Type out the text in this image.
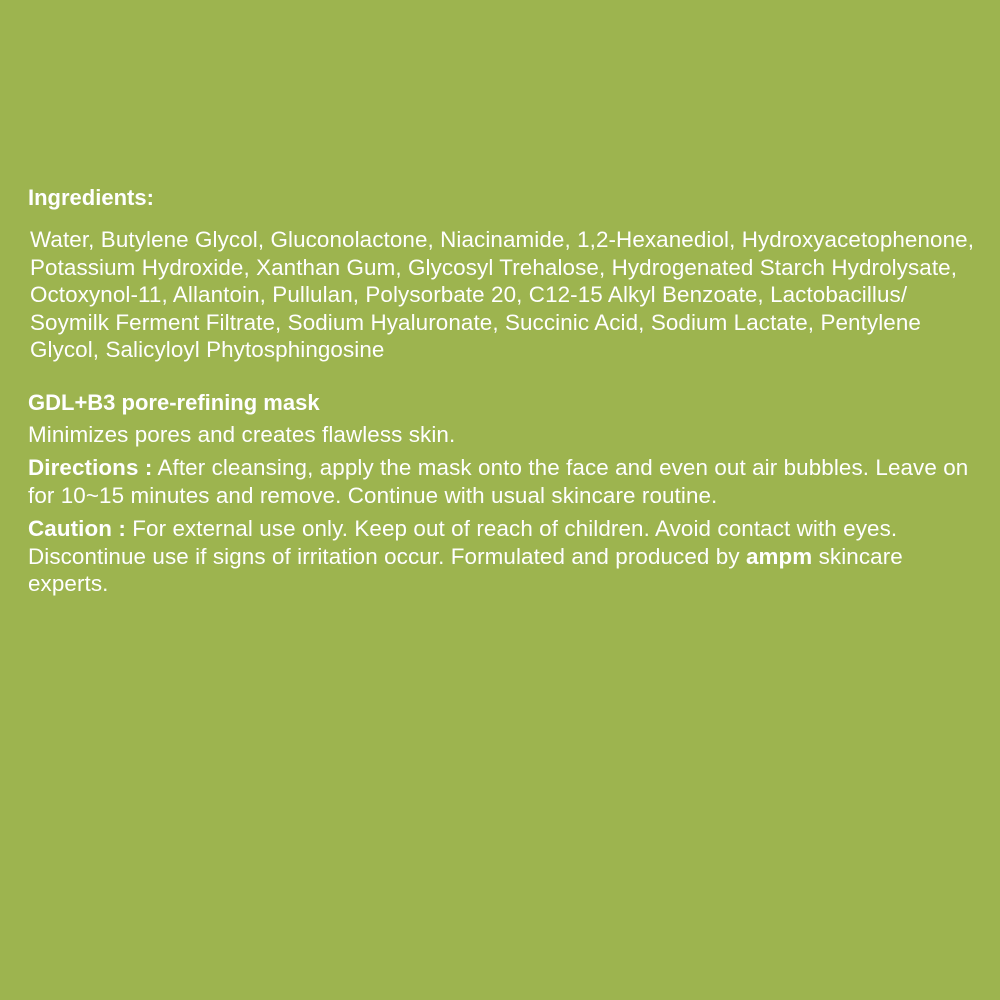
Ingredients:
Water, Butylene Glycol, Gluconolactone, Niacinamide, 1,2-Hexanediol, Hydroxyacetophenone, Potassium Hydroxide, Xanthan Gum, Glycosyl Trehalose, Hydrogenated Starch Hydrolysate, Octoxynol-11, Allantoin, Pullulan, Polysorbate 20, C12-15 Alkyl Benzoate, Lactobacillus/ Soymilk Ferment Filtrate, Sodium Hyaluronate, Succinic Acid, Sodium Lactate, Pentylene Glycol, Salicyloyl Phytosphingosine
GDL+B3 pore-refining mask
Minimizes pores and creates flawless skin.
Directions : After cleansing, apply the mask onto the face and even out air bubbles. Leave on for 10~15 minutes and remove. Continue with usual skincare routine.
Caution : For external use only. Keep out of reach of children. Avoid contact with eyes. Discontinue use if signs of irritation occur. Formulated and produced by ampm skincare experts.
